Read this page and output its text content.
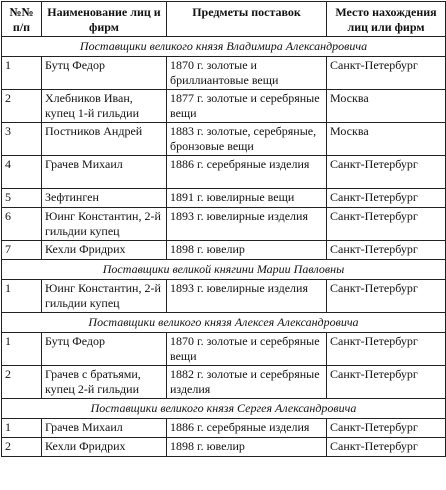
№№ п/п	Наименование лиц и фирм	Предметы поставок	Место нахождения лиц или фирм
Поставщики великого князя Владимира Александровича			
1	Бутц Федор	1870 г. золотые и бриллиантовые вещи	Санкт-Петербург
2	Хлебников Иван, купец 1-й гильдии	1877 г. золотые и серебряные вещи	Москва
3	Постников Андрей	1883 г. золотые, серебряные, бронзовые вещи	Москва
4	Грачев Михаил	1886 г. серебряные изделия	Санкт-Петербург
5	Зефтинген	1891 г. ювелирные вещи	Санкт-Петербург
6	Юинг Константин, 2-й гильдии купец	1893 г. ювелирные изделия	Санкт-Петербург
7	Кехли Фридрих	1898 г. ювелир	Санкт-Петербург
Поставщики великой княгини Марии Павловны			
1	Юинг Константин, 2-й гильдии купец	1893 г. ювелирные изделия	Санкт-Петербург
Поставщики великого князя Алексея Александровича			
1	Бутц Федор	1870 г. золотые и серебряные вещи	Санкт-Петербург
2	Грачев с братьями, купец 2-й гильдии	1882 г. золотые и серебряные изделия	Санкт-Петербург
Поставщики великого князя Сергея Александровича			
1	Грачев Михаил	1886 г. серебряные изделия	Санкт-Петербург
2	Кехли Фридрих	1898 г. ювелир	Санкт-Петербург
